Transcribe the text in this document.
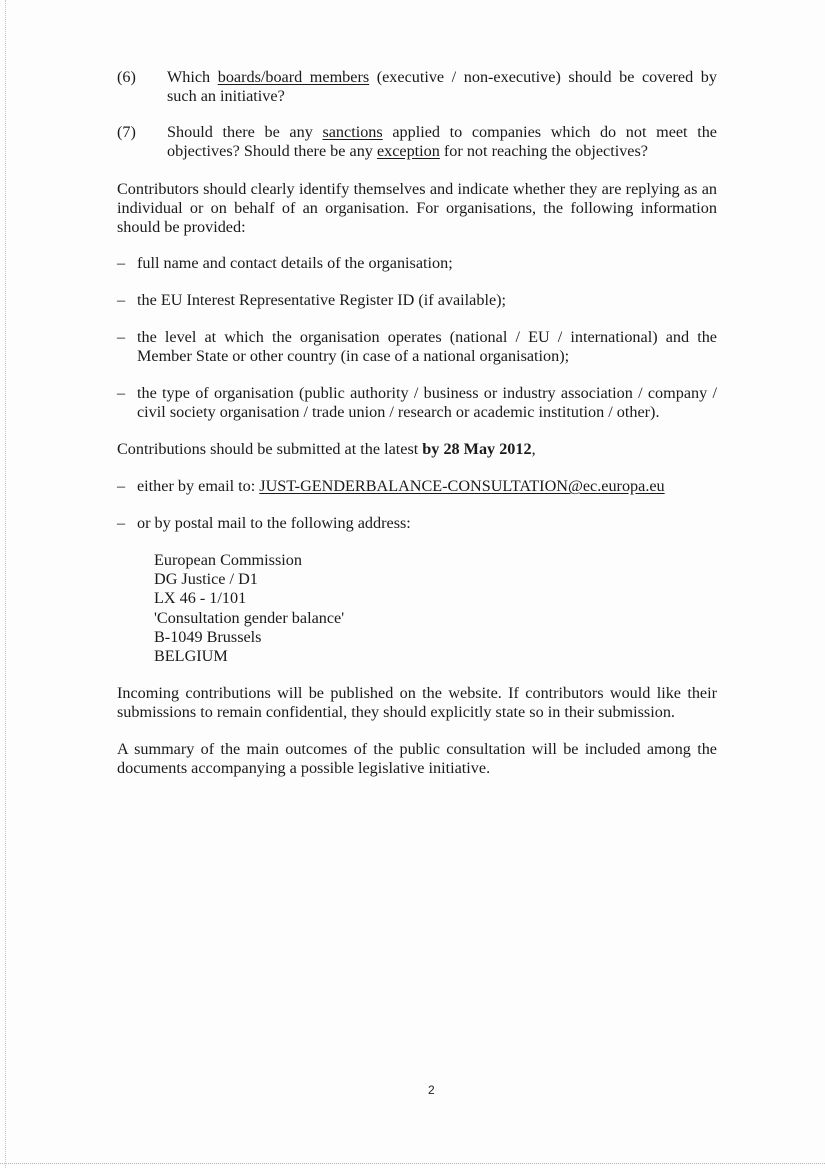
(6) Which boards/board members (executive / non-executive) should be covered by such an initiative?
(7) Should there be any sanctions applied to companies which do not meet the objectives? Should there be any exception for not reaching the objectives?

Contributors should clearly identify themselves and indicate whether they are replying as an individual or on behalf of an organisation. For organisations, the following information should be provided:

– full name and contact details of the organisation;
– the EU Interest Representative Register ID (if available);
– the level at which the organisation operates (national / EU / international) and the Member State or other country (in case of a national organisation);
– the type of organisation (public authority / business or industry association / company / civil society organisation / trade union / research or academic institution / other).

Contributions should be submitted at the latest by 28 May 2012,

– either by email to: JUST-GENDERBALANCE-CONSULTATION@ec.europa.eu
– or by postal mail to the following address:
European Commission
DG Justice / D1
LX 46 - 1/101
'Consultation gender balance'
B-1049 Brussels
BELGIUM

Incoming contributions will be published on the website. If contributors would like their submissions to remain confidential, they should explicitly state so in their submission.

A summary of the main outcomes of the public consultation will be included among the documents accompanying a possible legislative initiative.

2
